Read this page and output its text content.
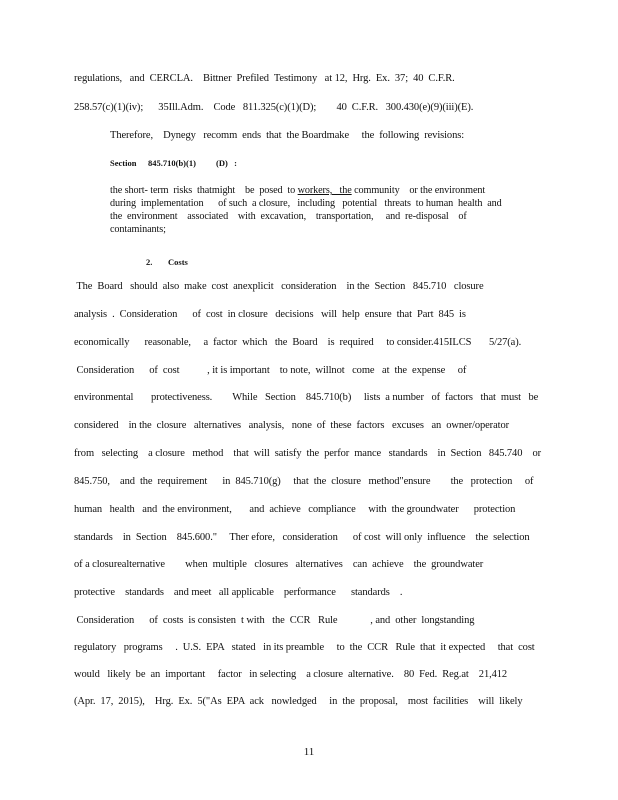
regulations,   and  CERCLA.    Bittner  Prefiled  Testimony   at 12,  Hrg.  Ex.  37;  40  C.F.R.
258.57(c)(1)(iv);      35Ill.Adm.    Code   811.325(c)(1)(D);        40  C.F.R.   300.430(e)(9)(iii)(E).
Therefore,    Dynegy   recomm  ends  that  the Boardmake     the  following  revisions:
Section 845.710(b)(1) (D)   :
the short- term  risks  thatmight    be  posed  to workers,   the community    or the environment
during  implementation      of such  a closure,   including   potential   threats  to human  health  and
the  environment    associated    with  excavation,    transportation,     and  re-disposal    of
contaminants;
2. Costs
The  Board   should  also  make  cost  anexplicit   consideration    in the  Section   845.710   closure
analysis  .  Consideration      of  cost  in closure   decisions   will  help  ensure  that  Part  845  is
economically      reasonable,     a  factor  which   the  Board    is  required     to consider.415ILCS       5/27(a).
Consideration      of  cost           , it is important    to note,  willnot   come   at  the  expense     of
environmental       protectiveness.        While   Section    845.710(b)     lists  a number   of  factors   that  must   be
considered    in the  closure   alternatives   analysis,   none  of  these  factors   excuses   an  owner/operator
from   selecting    a closure   method    that  will  satisfy  the  perfor  mance   standards    in  Section   845.740    or
845.750,    and  the  requirement      in  845.710(g)     that  the  closure   method"ensure        the   protection     of
human   health   and  the environment,       and  achieve   compliance     with  the groundwater      protection
standards    in  Section    845.600."     Ther efore,   consideration      of cost  will only  influence    the  selection
of a closurealternative        when  multiple   closures   alternatives    can  achieve    the  groundwater
protective    standards    and meet   all applicable    performance      standards    .
Consideration      of  costs  is consisten  t with   the  CCR   Rule             , and  other  longstanding
regulatory   programs     .  U.S.  EPA   stated   in its preamble     to  the  CCR   Rule  that  it expected     that  cost
would   likely  be  an  important     factor   in selecting    a closure  alternative.    80  Fed.  Reg.at    21,412
(Apr.  17,  2015),    Hrg.  Ex.  5("As  EPA  ack   nowledged     in  the  proposal,    most  facilities    will  likely
11
